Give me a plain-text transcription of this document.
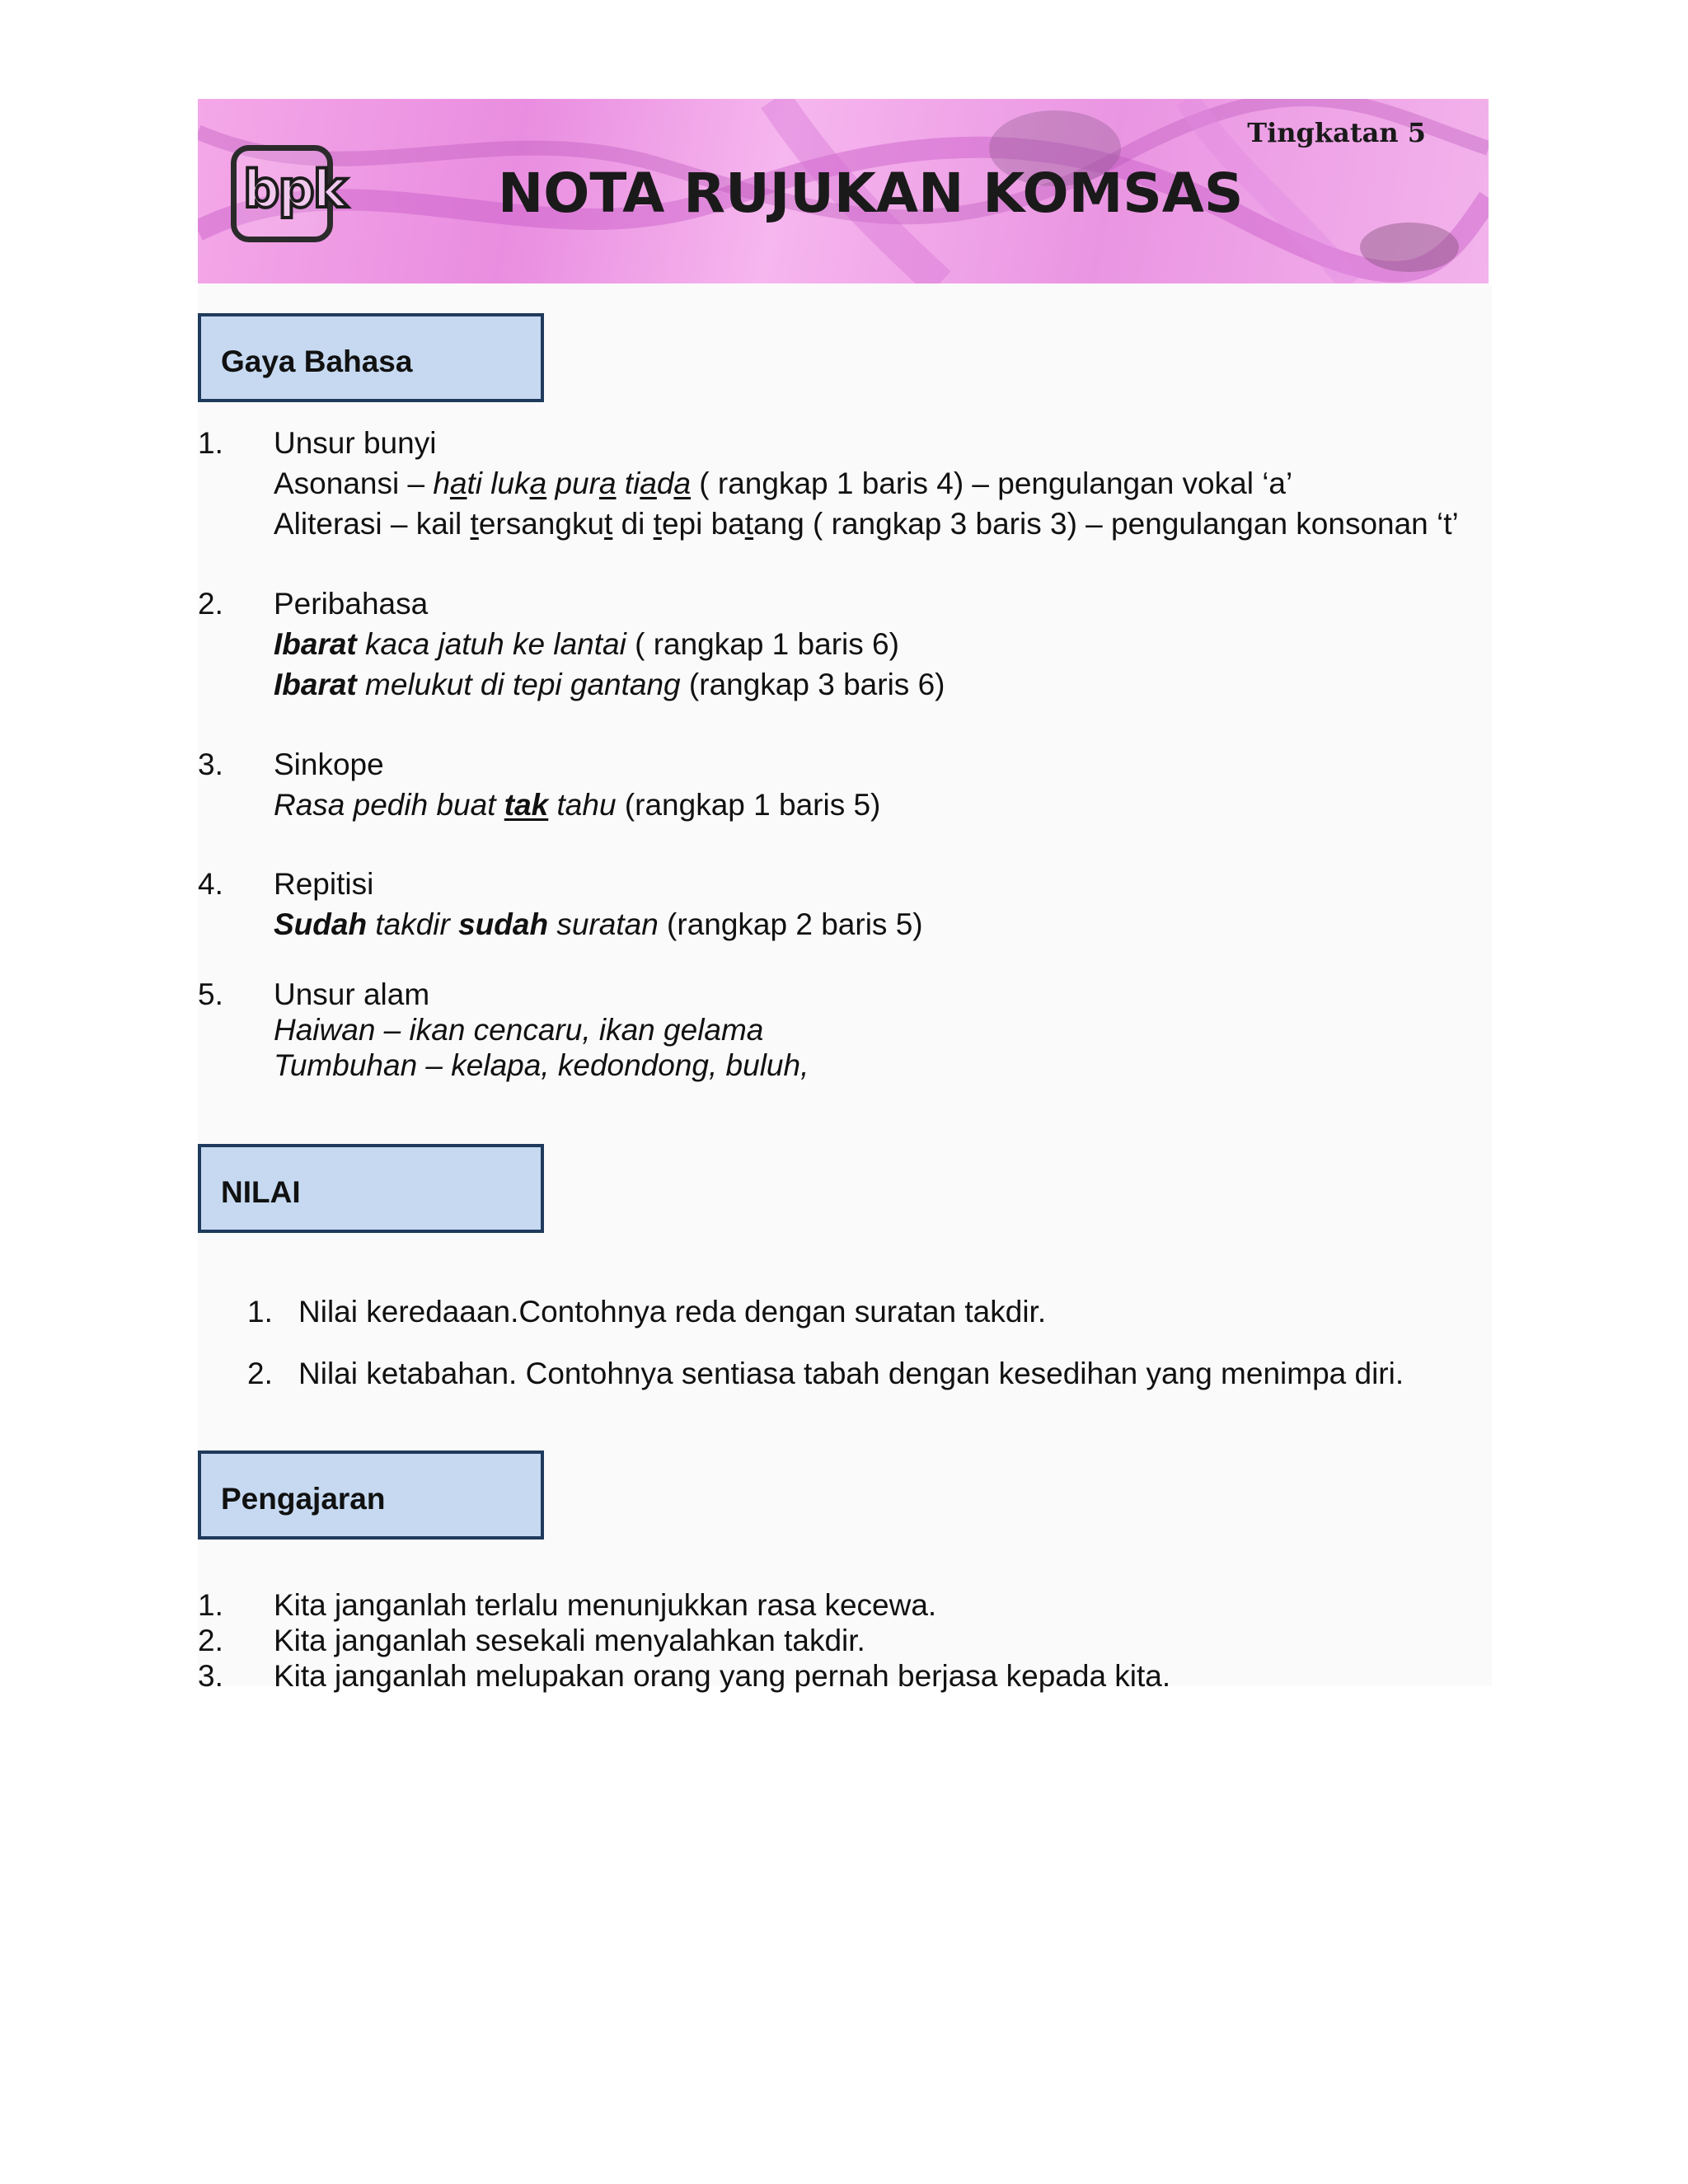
bpk	NOTA RUJUKAN KOMSAS
Tingkatan 5
Gaya Bahasa
1. Unsur bunyi
Asonansi – hati luka pura tiada ( rangkap 1 baris 4) – pengulangan vokal ‘a’
Aliterasi – kail tersangkut di tepi batang ( rangkap 3 baris 3) – pengulangan konsonan ‘t’
2. Peribahasa
Ibarat kaca jatuh ke lantai ( rangkap 1 baris 6)
Ibarat melukut di tepi gantang (rangkap 3 baris 6)
3. Sinkope
Rasa pedih buat tak tahu (rangkap 1 baris 5)
4. Repitisi
Sudah takdir sudah suratan (rangkap 2 baris 5)
5. Unsur alam
Haiwan – ikan cencaru, ikan gelama
Tumbuhan – kelapa, kedondong, buluh,
NILAI
1. Nilai keredaaan.Contohnya reda dengan suratan takdir.
2. Nilai ketabahan. Contohnya sentiasa tabah dengan kesedihan yang menimpa diri.
Pengajaran
1. Kita janganlah terlalu menunjukkan rasa kecewa.
2. Kita janganlah sesekali menyalahkan takdir.
3. Kita janganlah melupakan orang yang pernah berjasa kepada kita.
